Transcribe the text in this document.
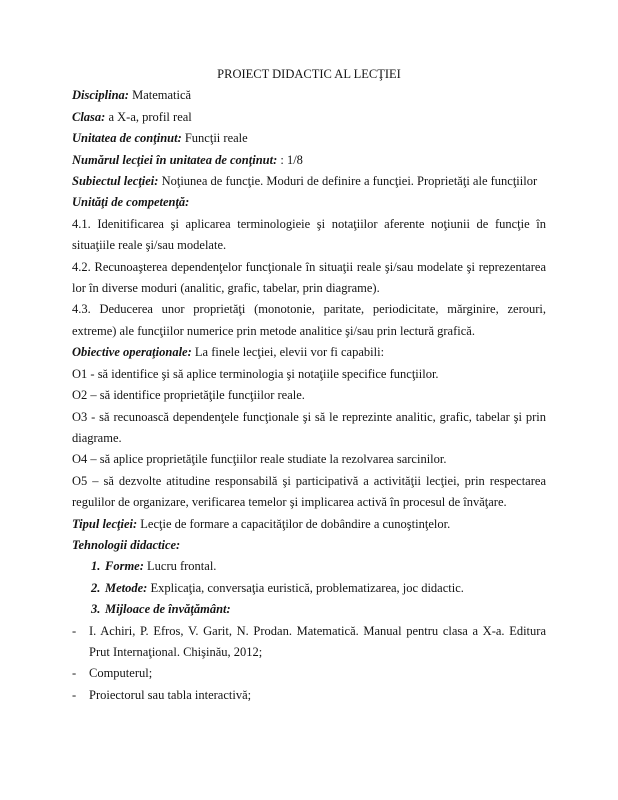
PROIECT DIDACTIC AL LECŢIEI

Disciplina: Matematică

Clasa: a X-a, profil real

Unitatea de conţinut: Funcţii reale

Numărul lecţiei în unitatea de conţinut: : 1/8

Subiectul lecţiei: Noţiunea de funcţie. Moduri de definire a funcţiei. Proprietăţi ale funcţiilor

Unităţi de competenţă:

4.1. Idenitificarea şi aplicarea terminologieie şi notaţiilor aferente noţiunii de funcţie în situaţiile reale şi/sau modelate.

4.2. Recunoaşterea dependenţelor funcţionale în situaţii reale şi/sau modelate şi reprezentarea lor în diverse moduri (analitic, grafic, tabelar, prin diagrame).

4.3. Deducerea unor proprietăţi (monotonie, paritate, periodicitate, mărginire, zerouri, extreme) ale funcţiilor numerice prin metode analitice şi/sau prin lectură grafică.

Obiective operaţionale: La finele lecţiei, elevii vor fi capabili:

O1 - să identifice şi să aplice terminologia şi notaţiile specifice funcţiilor.

O2 – să identifice proprietăţile funcţiilor reale.

O3 - să recunoască dependenţele funcţionale şi să le reprezinte analitic, grafic, tabelar şi prin diagrame.

O4 – să aplice proprietăţile funcţiilor reale studiate la rezolvarea sarcinilor.

O5 – să dezvolte atitudine responsabilă şi participativă a activităţii lecţiei, prin respectarea regulilor de organizare, verificarea temelor şi implicarea activă în procesul de învăţare.

Tipul lecţiei: Lecţie de formare a capacităţilor de dobândire a cunoştinţelor.

Tehnologii didactice:

1. Forme: Lucru frontal.

2. Metode: Explicaţia, conversaţia euristică, problematizarea, joc didactic.

3. Mijloace de învăţământ:

-	I. Achiri, P. Efros, V. Garit, N. Prodan. Matematică. Manual pentru clasa a X-a. Editura Prut Internaţional. Chişinău, 2012;
-	Computerul;
-	Proiectorul sau tabla interactivă;
